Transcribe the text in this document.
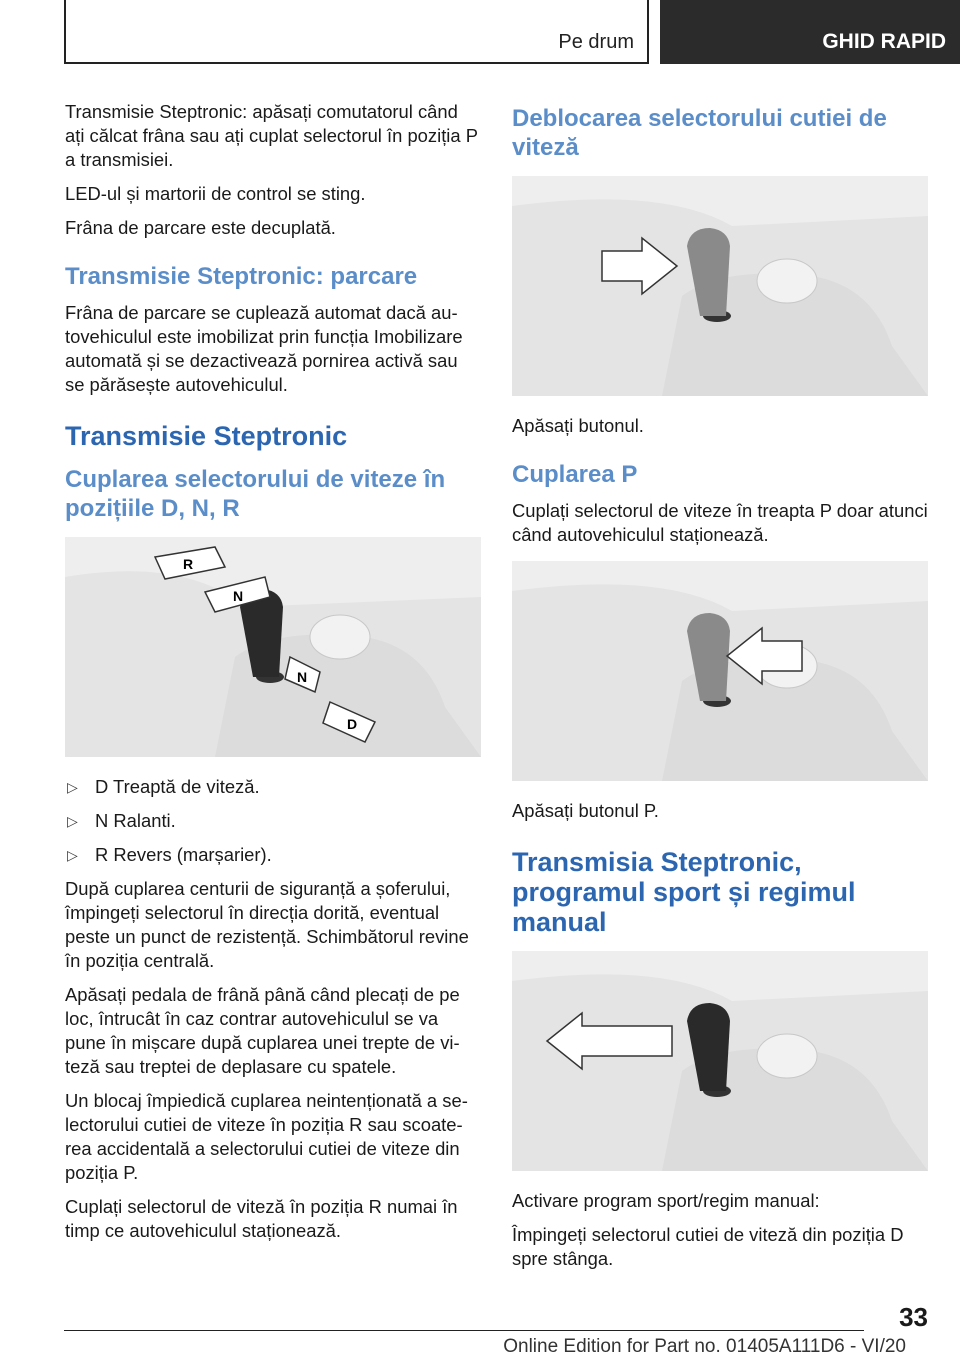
Pe drum	GHID RAPID

Transmisie Steptronic: apăsați comutatorul când ați călcat frâna sau ați cuplat selectorul în poziția P a transmisiei.

LED-ul și martorii de control se sting.

Frâna de parcare este decuplată.

Transmisie Steptronic: parcare

Frâna de parcare se cuplează automat dacă autovehiculul este imobilizat prin funcția Imobilizare automată și se dezactivează pornirea activă sau se părăsește autovehiculul.

Transmisie Steptronic
Cuplarea selectorului de viteze în pozițiile D, N, R
R
N
N
D
▷ D Treaptă de viteză.
▷ N Ralanti.
▷ R Revers (marșarier).

După cuplarea centurii de siguranță a șoferului, împingeți selectorul în direcția dorită, eventual peste un punct de rezistență. Schimbătorul revine în poziția centrală.

Apăsați pedala de frână până când plecați de pe loc, întrucât în caz contrar autovehiculul se va pune în mișcare după cuplarea unei trepte de viteză sau treptei de deplasare cu spatele.

Un blocaj împiedică cuplarea neintenționată a selectorului cutiei de viteze în poziția R sau scoaterea accidentală a selectorului cutiei de viteze din poziția P.

Cuplați selectorul de viteză în poziția R numai în timp ce autovehiculul staționează.

Deblocarea selectorului cutiei de viteză

Apăsați butonul.

Cuplarea P

Cuplați selectorul de viteze în treapta P doar atunci când autovehiculul staționează.

Apăsați butonul P.

Transmisia Steptronic, programul sport și regimul manual

Activare program sport/regim manual:

Împingeți selectorul cutiei de viteză din poziția D spre stânga.

33
Online Edition for Part no. 01405A111D6 - VI/20
